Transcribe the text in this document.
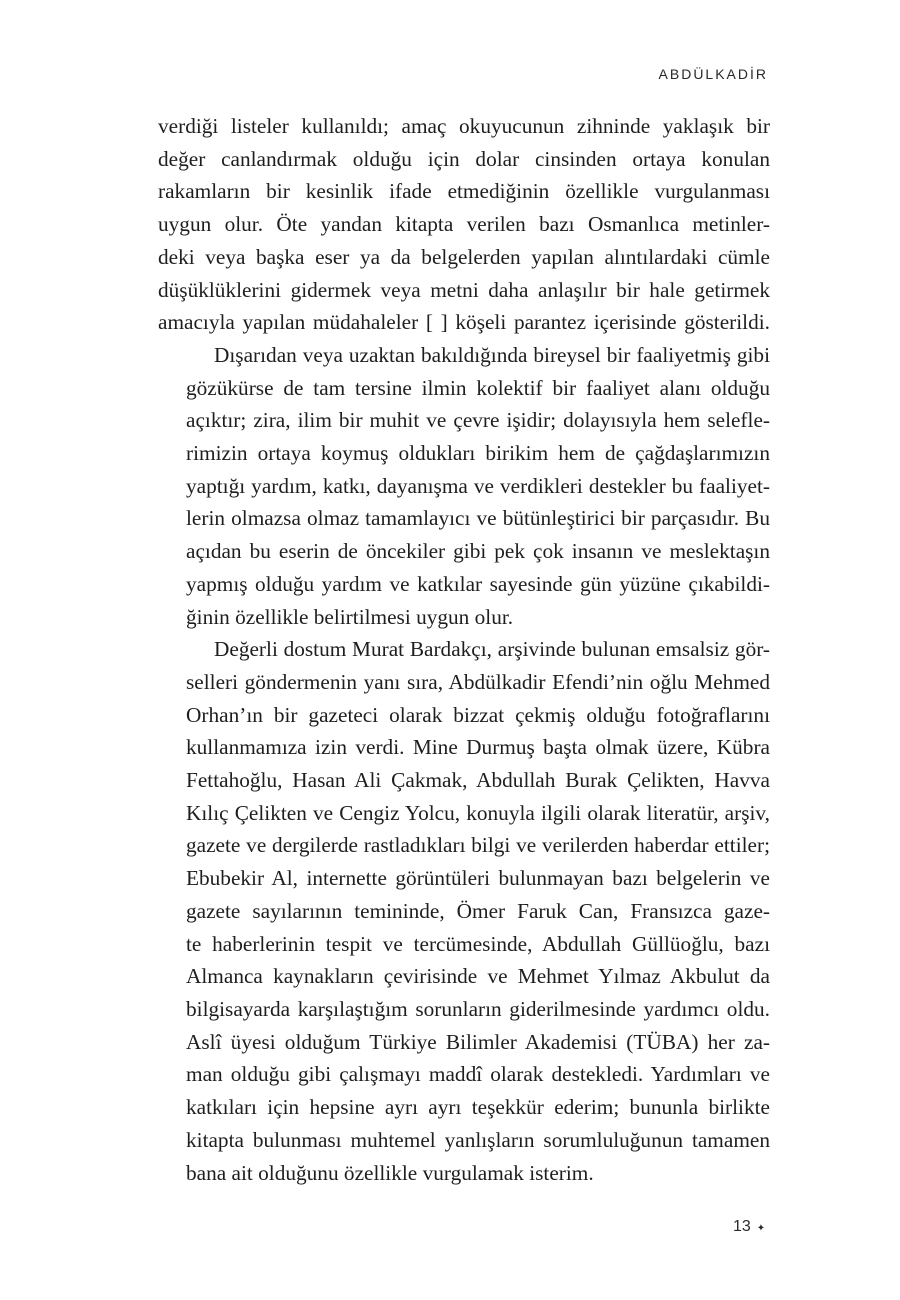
ABDÜLKADİR

verdiği listeler kullanıldı; amaç okuyucunun zihninde yaklaşık bir
değer canlandırmak olduğu için dolar cinsinden ortaya konulan
rakamların bir kesinlik ifade etmediğinin özellikle vurgulanması
uygun olur. Öte yandan kitapta verilen bazı Osmanlıca metinler-
deki veya başka eser ya da belgelerden yapılan alıntılardaki cümle
düşüklüklerini gidermek veya metni daha anlaşılır bir hale getirmek
amacıyla yapılan müdahaleler [ ] köşeli parantez içerisinde gösterildi.

Dışarıdan veya uzaktan bakıldığında bireysel bir faaliyetmiş gibi
gözükürse de tam tersine ilmin kolektif bir faaliyet alanı olduğu
açıktır; zira, ilim bir muhit ve çevre işidir; dolayısıyla hem selefle-
rimizin ortaya koymuş oldukları birikim hem de çağdaşlarımızın
yaptığı yardım, katkı, dayanışma ve verdikleri destekler bu faaliyet-
lerin olmazsa olmaz tamamlayıcı ve bütünleştirici bir parçasıdır. Bu
açıdan bu eserin de öncekiler gibi pek çok insanın ve meslektaşın
yapmış olduğu yardım ve katkılar sayesinde gün yüzüne çıkabildi-
ğinin özellikle belirtilmesi uygun olur.

Değerli dostum Murat Bardakçı, arşivinde bulunan emsalsiz gör-
selleri göndermenin yanı sıra, Abdülkadir Efendi’nin oğlu Mehmed
Orhan’ın bir gazeteci olarak bizzat çekmiş olduğu fotoğraflarını
kullanmamıza izin verdi. Mine Durmuş başta olmak üzere, Kübra
Fettahoğlu, Hasan Ali Çakmak, Abdullah Burak Çelikten, Havva
Kılıç Çelikten ve Cengiz Yolcu, konuyla ilgili olarak literatür, arşiv,
gazete ve dergilerde rastladıkları bilgi ve verilerden haberdar ettiler;
Ebubekir Al, internette görüntüleri bulunmayan bazı belgelerin ve
gazete sayılarının temininde, Ömer Faruk Can, Fransızca gaze-
te haberlerinin tespit ve tercümesinde, Abdullah Güllüoğlu, bazı
Almanca kaynakların çevirisinde ve Mehmet Yılmaz Akbulut da
bilgisayarda karşılaştığım sorunların giderilmesinde yardımcı oldu.
Aslî üyesi olduğum Türkiye Bilimler Akademisi (TÜBA) her za-
man olduğu gibi çalışmayı maddî olarak destekledi. Yardımları ve
katkıları için hepsine ayrı ayrı teşekkür ederim; bununla birlikte
kitapta bulunması muhtemel yanlışların sorumluluğunun tamamen
bana ait olduğunu özellikle vurgulamak isterim.

13 ✦
